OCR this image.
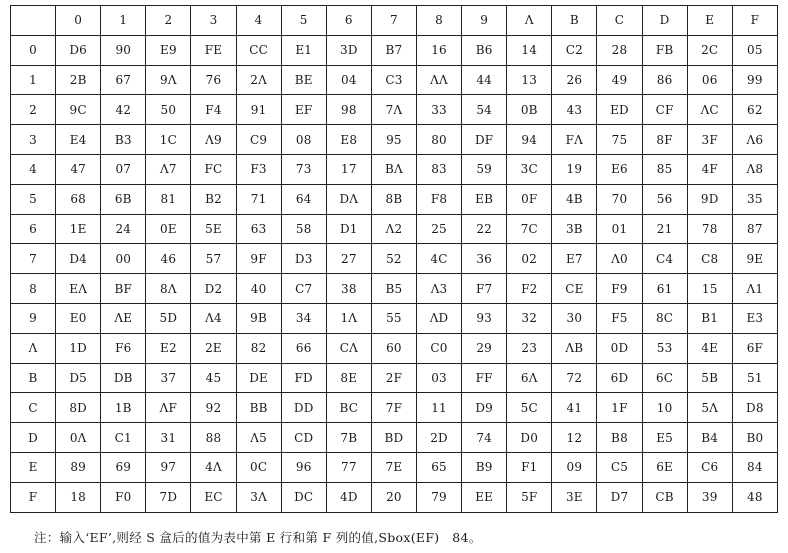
	0	1	2	3	4	5	6	7	8	9	Λ	B	C	D	E	F
0	D6	90	E9	FE	CC	E1	3D	B7	16	B6	14	C2	28	FB	2C	05
1	2B	67	9Λ	76	2Λ	BE	04	C3	ΛΛ	44	13	26	49	86	06	99
2	9C	42	50	F4	91	EF	98	7Λ	33	54	0B	43	ED	CF	ΛC	62
3	E4	B3	1C	Λ9	C9	08	E8	95	80	DF	94	FΛ	75	8F	3F	Λ6
4	47	07	Λ7	FC	F3	73	17	BΛ	83	59	3C	19	E6	85	4F	Λ8
5	68	6B	81	B2	71	64	DΛ	8B	F8	EB	0F	4B	70	56	9D	35
6	1E	24	0E	5E	63	58	D1	Λ2	25	22	7C	3B	01	21	78	87
7	D4	00	46	57	9F	D3	27	52	4C	36	02	E7	Λ0	C4	C8	9E
8	EΛ	BF	8Λ	D2	40	C7	38	B5	Λ3	F7	F2	CE	F9	61	15	Λ1
9	E0	ΛE	5D	Λ4	9B	34	1Λ	55	ΛD	93	32	30	F5	8C	B1	E3
Λ	1D	F6	E2	2E	82	66	CΛ	60	C0	29	23	ΛB	0D	53	4E	6F
B	D5	DB	37	45	DE	FD	8E	2F	03	FF	6Λ	72	6D	6C	5B	51
C	8D	1B	ΛF	92	BB	DD	BC	7F	11	D9	5C	41	1F	10	5Λ	D8
D	0Λ	C1	31	88	Λ5	CD	7B	BD	2D	74	D0	12	B8	E5	B4	B0
E	89	69	97	4Λ	0C	96	77	7E	65	B9	F1	09	C5	6E	C6	84
F	18	F0	7D	EC	3Λ	DC	4D	20	79	EE	5F	3E	D7	CB	39	48
注：输入‘EF’,则经 S 盒后的值为表中第 E 行和第 F 列的值,Sbox(EF)　84。
